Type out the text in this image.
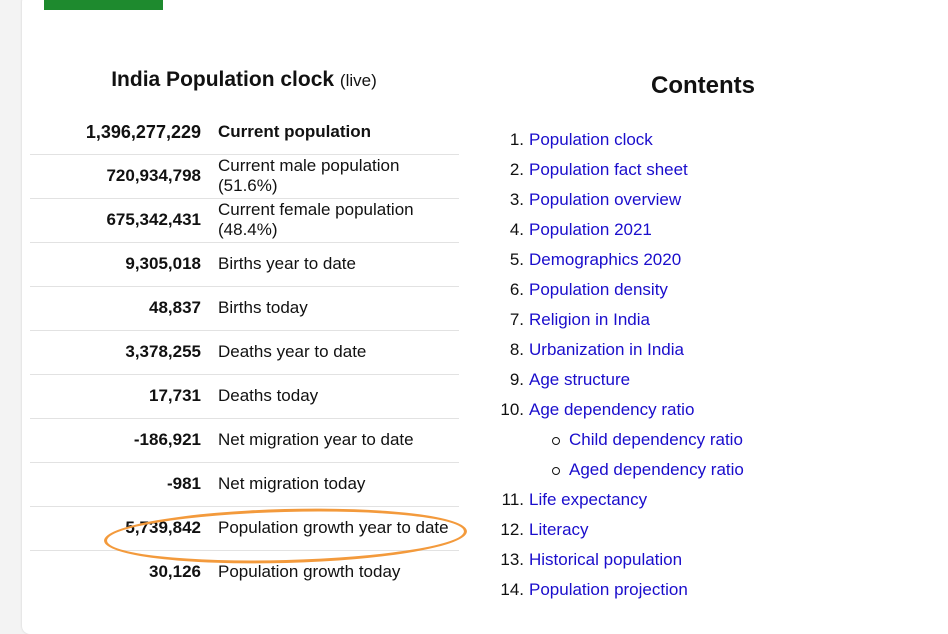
India Population clock (live)
1,396,277,229	Current population
720,934,798	Current male population (51.6%)
675,342,431	Current female population (48.4%)
9,305,018	Births year to date
48,837	Births today
3,378,255	Deaths year to date
17,731	Deaths today
-186,921	Net migration year to date
-981	Net migration today
5,739,842	Population growth year to date
30,126	Population growth today
Contents
1. Population clock
2. Population fact sheet
3. Population overview
4. Population 2021
5. Demographics 2020
6. Population density
7. Religion in India
8. Urbanization in India
9. Age structure
10. Age dependency ratio
Child dependency ratio
Aged dependency ratio
11. Life expectancy
12. Literacy
13. Historical population
14. Population projection
